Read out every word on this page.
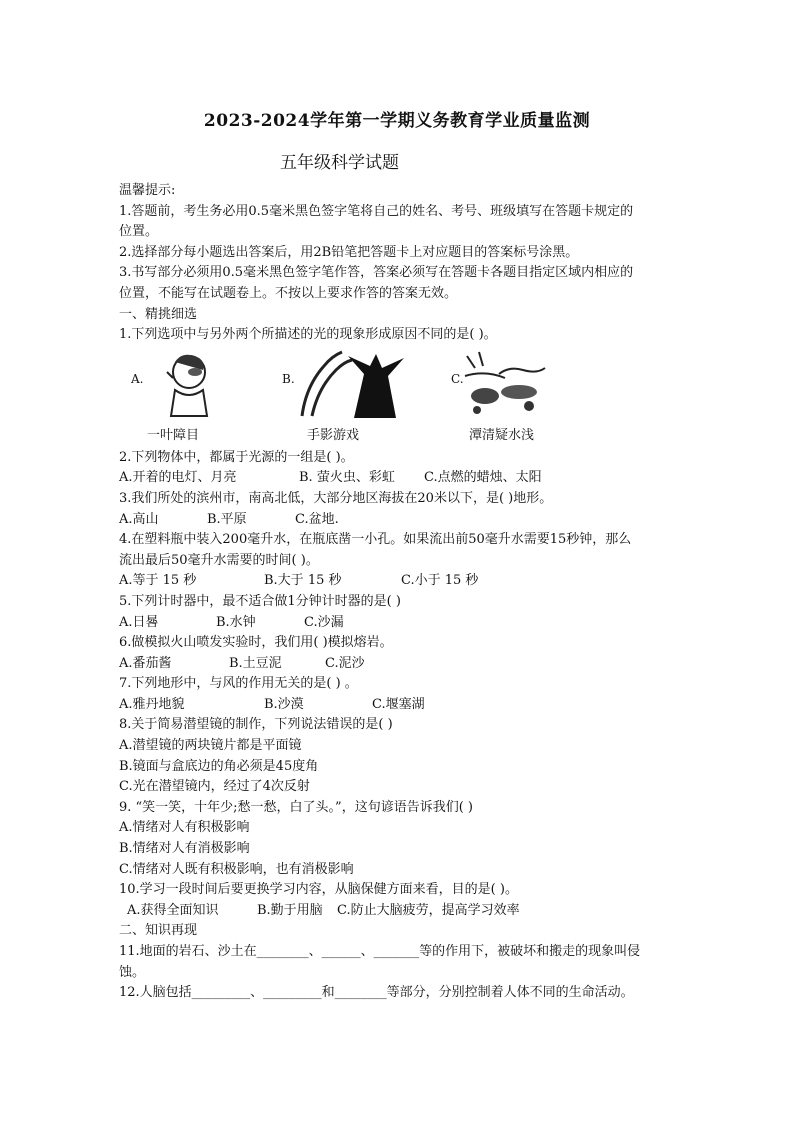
2023-2024学年第一学期义务教育学业质量监测
五年级科学试题
温馨提示:
1.答题前，考生务必用0.5毫米黑色签字笔将自己的姓名、考号、班级填写在答题卡规定的
位置。
2.选择部分每小题选出答案后，用2B铅笔把答题卡上对应题目的答案标号涂黑。
3.书写部分必须用0.5毫米黑色签字笔作答，答案必须写在答题卡各题目指定区域内相应的
位置，不能写在试题卷上。不按以上要求作答的答案无效。
一、精挑细选
1.下列选项中与另外两个所描述的光的现象形成原因不同的是( )。
A.	B.	C.
一叶障目	手影游戏	潭清疑水浅
2.下列物体中，都属于光源的一组是( )。
A.开着的电灯、月亮	B. 萤火虫、彩虹 C.点燃的蜡烛、太阳
3.我们所处的滨州市，南高北低，大部分地区海拔在20米以下，是( )地形。
A.高山	B.平原	C.盆地.
4.在塑料瓶中装入200毫升水，在瓶底凿一小孔。如果流出前50毫升水需要15秒钟，那么
流出最后50毫升水需要的时间( )。
A.等于 15 秒	B.大于 15 秒	C.小于 15 秒
5.下列计时器中，最不适合做1分钟计时器的是( )
A.日晷	B.水钟	C.沙漏
6.做模拟火山喷发实验时，我们用( )模拟熔岩。
A.番茄酱	B.土豆泥	C.泥沙
7.下列地形中，与风的作用无关的是( ) 。
A.雅丹地貌	B.沙漠	C.堰塞湖
8.关于简易潜望镜的制作，下列说法错误的是( )
A.潜望镜的两块镜片都是平面镜
B.镜面与盒底边的角必须是45度角
C.光在潜望镜内，经过了4次反射
9. “笑一笑，十年少;愁一愁，白了头。”，这句谚语告诉我们( )
A.情绪对人有积极影响
B.情绪对人有消极影响
C.情绪对人既有积极影响，也有消极影响
10.学习一段时间后要更换学习内容，从脑保健方面来看，目的是( )。
A.获得全面知识	B.勤于用脑 C.防止大脑疲劳，提高学习效率
二、知识再现
11.地面的岩石、沙土在________、______、_______等的作用下，被破坏和搬走的现象叫侵
蚀。
12.人脑包括_________、_________和________等部分，分别控制着人体不同的生命活动。
